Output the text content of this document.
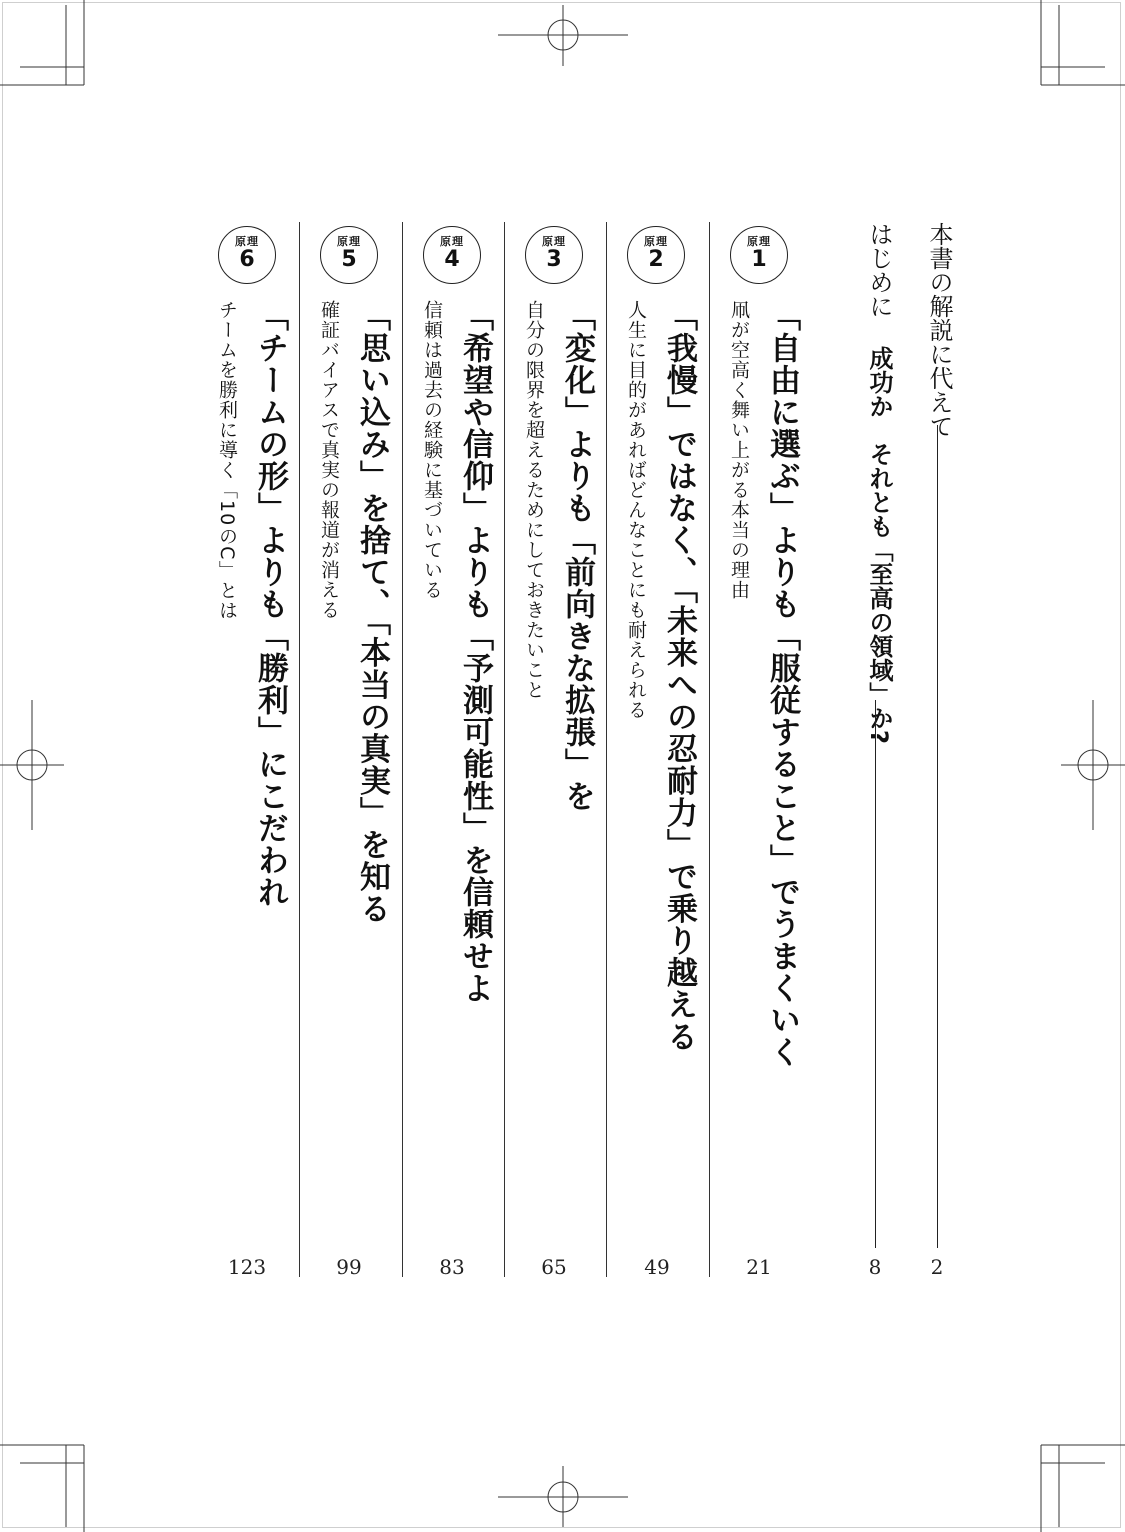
本書の解説に代えて
2
はじめに成功か　それとも「至高の領域」か?
8
原理
1
「自由に選ぶ」よりも「服従すること」でうまくいく
凧が空高く舞い上がる本当の理由
21
原理
2
「我慢」ではなく、「未来への忍耐力」で乗り越える
人生に目的があればどんなことにも耐えられる
49
原理
3
「変化」よりも「前向きな拡張」を
自分の限界を超えるためにしておきたいこと
65
原理
4
「希望や信仰」よりも「予測可能性」を信頼せよ
信頼は過去の経験に基づいている
83
原理
5
「思い込み」を捨て、「本当の真実」を知る
確証バイアスで真実の報道が消える
99
原理
6
「チームの形」よりも「勝利」にこだわれ
チームを勝利に導く「10のC」とは
123
